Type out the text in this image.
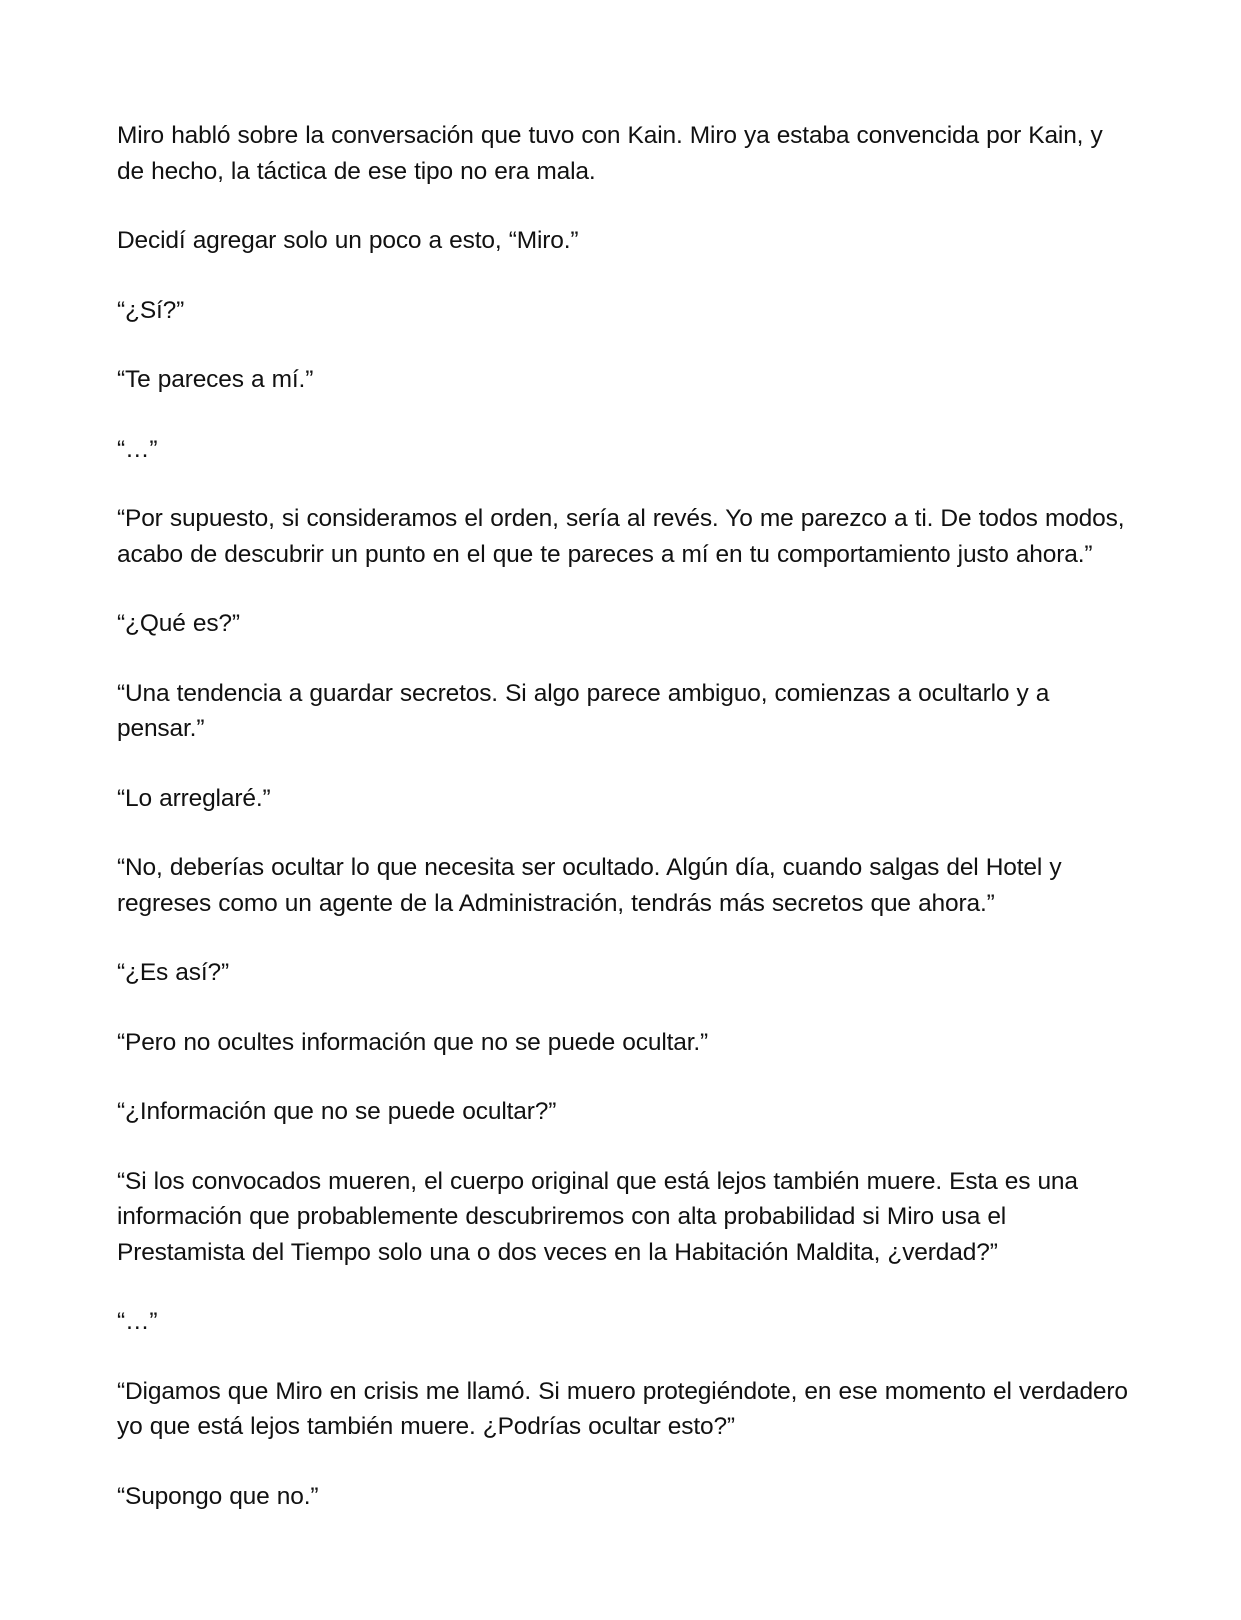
Miro habló sobre la conversación que tuvo con Kain. Miro ya estaba convencida por Kain, y de hecho, la táctica de ese tipo no era mala.

Decidí agregar solo un poco a esto, “Miro.”

“¿Sí?”

“Te pareces a mí.”

“…”

“Por supuesto, si consideramos el orden, sería al revés. Yo me parezco a ti. De todos modos, acabo de descubrir un punto en el que te pareces a mí en tu comportamiento justo ahora.”

“¿Qué es?”

“Una tendencia a guardar secretos. Si algo parece ambiguo, comienzas a ocultarlo y a pensar.”

“Lo arreglaré.”

“No, deberías ocultar lo que necesita ser ocultado. Algún día, cuando salgas del Hotel y regreses como un agente de la Administración, tendrás más secretos que ahora.”

“¿Es así?”

“Pero no ocultes información que no se puede ocultar.”

“¿Información que no se puede ocultar?”

“Si los convocados mueren, el cuerpo original que está lejos también muere. Esta es una información que probablemente descubriremos con alta probabilidad si Miro usa el Prestamista del Tiempo solo una o dos veces en la Habitación Maldita, ¿verdad?”

“…”

“Digamos que Miro en crisis me llamó. Si muero protegiéndote, en ese momento el verdadero yo que está lejos también muere. ¿Podrías ocultar esto?”

“Supongo que no.”
